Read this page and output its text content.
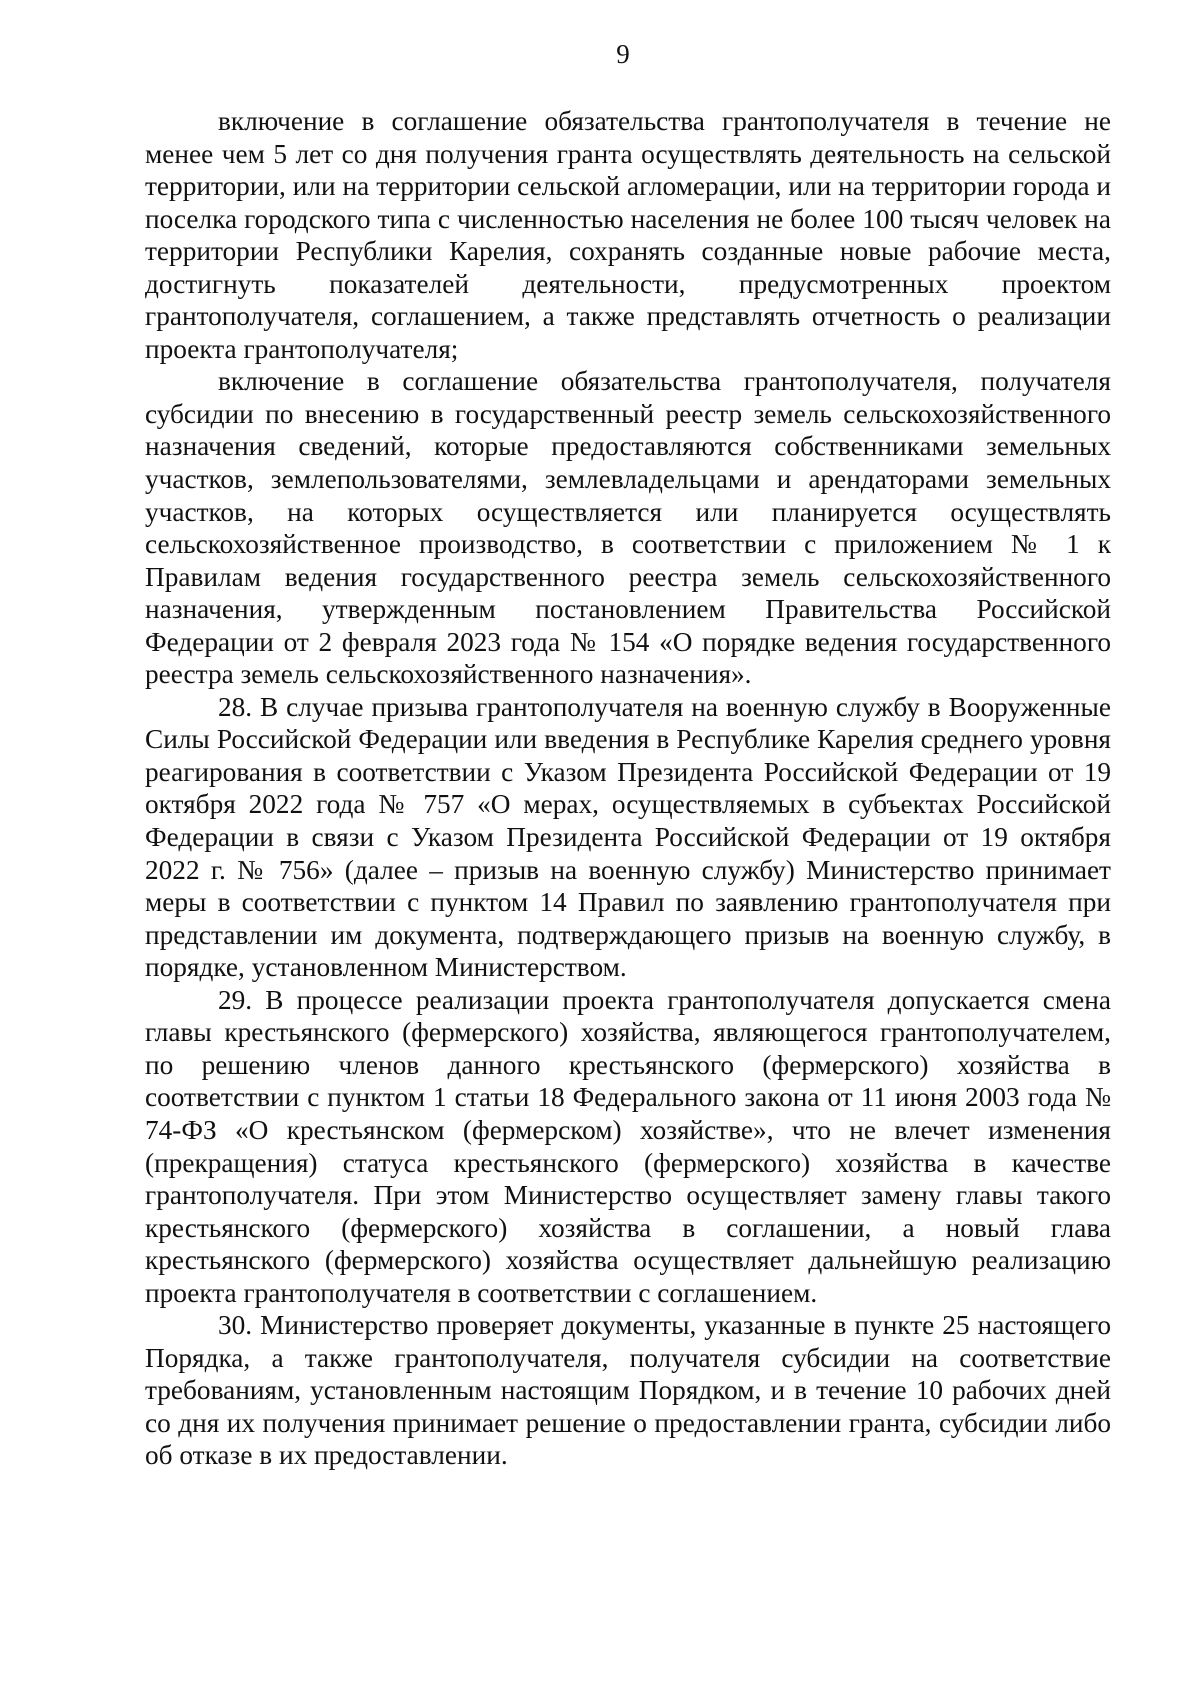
9

включение в соглашение обязательства грантополучателя в течение не менее чем 5 лет со дня получения гранта осуществлять деятельность на сельской территории, или на территории сельской агломерации, или на территории города и поселка городского типа с численностью населения не более 100 тысяч человек на территории Республики Карелия, сохранять созданные новые рабочие места, достигнуть показателей деятельности, предусмотренных проектом грантополучателя, соглашением, а также представлять отчетность о реализации проекта грантополучателя;

включение в соглашение обязательства грантополучателя, получателя субсидии по внесению в государственный реестр земель сельскохозяйственного назначения сведений, которые предоставляются собственниками земельных участков, землепользователями, землевладельцами и арендаторами земельных участков, на которых осуществляется или планируется осуществлять сельскохозяйственное производство, в соответствии с приложением № 1 к Правилам ведения государственного реестра земель сельскохозяйственного назначения, утвержденным постановлением Правительства Российской Федерации от 2 февраля 2023 года № 154 «О порядке ведения государственного реестра земель сельскохозяйственного назначения».

28. В случае призыва грантополучателя на военную службу в Вооруженные Силы Российской Федерации или введения в Республике Карелия среднего уровня реагирования в соответствии с Указом Президента Российской Федерации от 19 октября 2022 года № 757 «О мерах, осуществляемых в субъектах Российской Федерации в связи с Указом Президента Российской Федерации от 19 октября 2022 г. № 756» (далее – призыв на военную службу) Министерство принимает меры в соответствии с пунктом 14 Правил по заявлению грантополучателя при представлении им документа, подтверждающего призыв на военную службу, в порядке, установленном Министерством.

29. В процессе реализации проекта грантополучателя допускается смена главы крестьянского (фермерского) хозяйства, являющегося грантополучателем, по решению членов данного крестьянского (фермерского) хозяйства в соответствии с пунктом 1 статьи 18 Федерального закона от 11 июня 2003 года № 74-ФЗ «О крестьянском (фермерском) хозяйстве», что не влечет изменения (прекращения) статуса крестьянского (фермерского) хозяйства в качестве грантополучателя. При этом Министерство осуществляет замену главы такого крестьянского (фермерского) хозяйства в соглашении, а новый глава крестьянского (фермерского) хозяйства осуществляет дальнейшую реализацию проекта грантополучателя в соответствии с соглашением.

30. Министерство проверяет документы, указанные в пункте 25 настоящего Порядка, а также грантополучателя, получателя субсидии на соответствие требованиям, установленным настоящим Порядком, и в течение 10 рабочих дней со дня их получения принимает решение о предоставлении гранта, субсидии либо об отказе в их предоставлении.
